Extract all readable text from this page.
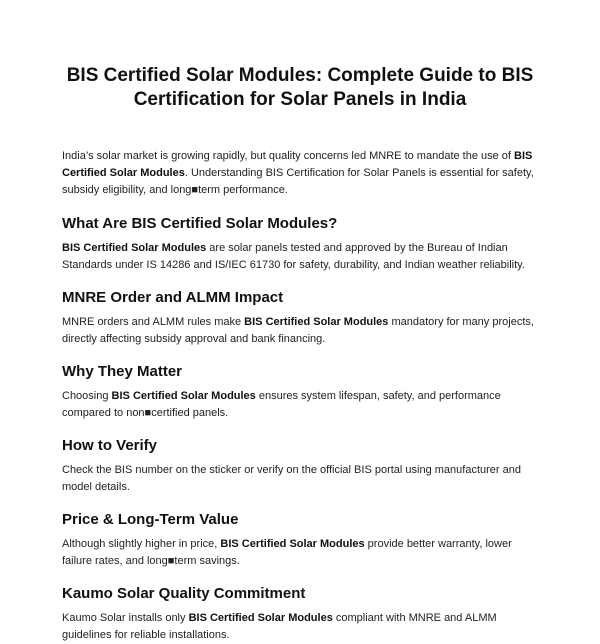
BIS Certified Solar Modules: Complete Guide to BIS Certification for Solar Panels in India

India’s solar market is growing rapidly, but quality concerns led MNRE to mandate the use of BIS Certified Solar Modules. Understanding BIS Certification for Solar Panels is essential for safety, subsidy eligibility, and long■term performance.

What Are BIS Certified Solar Modules?

BIS Certified Solar Modules are solar panels tested and approved by the Bureau of Indian Standards under IS 14286 and IS/IEC 61730 for safety, durability, and Indian weather reliability.

MNRE Order and ALMM Impact

MNRE orders and ALMM rules make BIS Certified Solar Modules mandatory for many projects, directly affecting subsidy approval and bank financing.

Why They Matter

Choosing BIS Certified Solar Modules ensures system lifespan, safety, and performance compared to non■certified panels.

How to Verify

Check the BIS number on the sticker or verify on the official BIS portal using manufacturer and model details.

Price & Long-Term Value

Although slightly higher in price, BIS Certified Solar Modules provide better warranty, lower failure rates, and long■term savings.

Kaumo Solar Quality Commitment

Kaumo Solar installs only BIS Certified Solar Modules compliant with MNRE and ALMM guidelines for reliable installations.
